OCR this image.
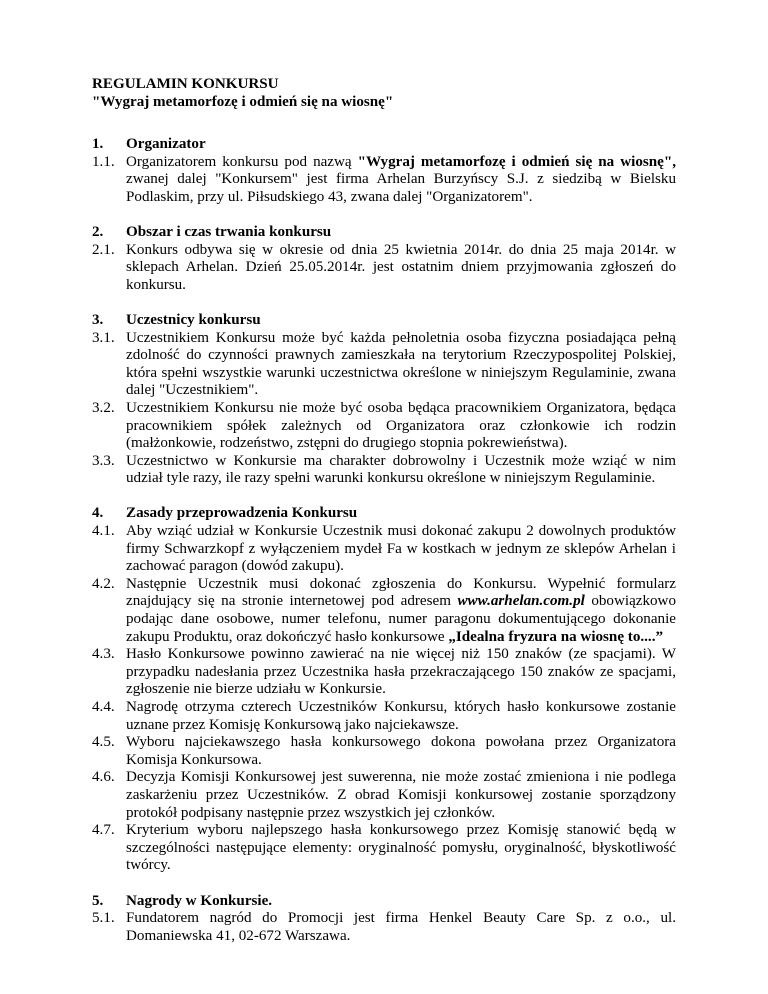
REGULAMIN KONKURSU
"Wygraj metamorfozę i odmień się na wiosnę"
1.	Organizator
1.1. Organizatorem konkursu pod nazwą "Wygraj metamorfozę i odmień się na wiosnę", zwanej dalej "Konkursem" jest firma Arhelan Burzyńscy S.J. z siedzibą w Bielsku Podlaskim, przy ul. Piłsudskiego 43, zwana dalej "Organizatorem".
2.	Obszar i czas trwania konkursu
2.1. Konkurs odbywa się w okresie od dnia 25 kwietnia 2014r. do dnia 25 maja 2014r. w sklepach Arhelan. Dzień 25.05.2014r. jest ostatnim dniem przyjmowania zgłoszeń do konkursu.
3.	Uczestnicy konkursu
3.1. Uczestnikiem Konkursu może być każda pełnoletnia osoba fizyczna posiadająca pełną zdolność do czynności prawnych zamieszkała na terytorium Rzeczypospolitej Polskiej, która spełni wszystkie warunki uczestnictwa określone w niniejszym Regulaminie, zwana dalej "Uczestnikiem".
3.2. Uczestnikiem Konkursu nie może być osoba będąca pracownikiem Organizatora, będąca pracownikiem spółek zależnych od Organizatora oraz członkowie ich rodzin (małżonkowie, rodzeństwo, zstępni do drugiego stopnia pokrewieństwa).
3.3. Uczestnictwo w Konkursie ma charakter dobrowolny i Uczestnik może wziąć w nim udział tyle razy, ile razy spełni warunki konkursu określone w niniejszym Regulaminie.
4.	Zasady przeprowadzenia Konkursu
4.1. Aby wziąć udział w Konkursie Uczestnik musi dokonać zakupu 2 dowolnych produktów firmy Schwarzkopf z wyłączeniem mydeł Fa w kostkach w jednym ze sklepów Arhelan i zachować paragon (dowód zakupu).
4.2. Następnie Uczestnik musi dokonać zgłoszenia do Konkursu. Wypełnić formularz znajdujący się na stronie internetowej pod adresem www.arhelan.com.pl obowiązkowo podając dane osobowe, numer telefonu, numer paragonu dokumentującego dokonanie zakupu Produktu, oraz dokończyć hasło konkursowe „Idealna fryzura na wiosnę to....”
4.3. Hasło Konkursowe powinno zawierać na nie więcej niż 150 znaków (ze spacjami). W przypadku nadesłania przez Uczestnika hasła przekraczającego 150 znaków ze spacjami, zgłoszenie nie bierze udziału w Konkursie.
4.4. Nagrodę otrzyma czterech Uczestników Konkursu, których hasło konkursowe zostanie uznane przez Komisję Konkursową jako najciekawsze.
4.5. Wyboru najciekawszego hasła konkursowego dokona powołana przez Organizatora Komisja Konkursowa.
4.6. Decyzja Komisji Konkursowej jest suwerenna, nie może zostać zmieniona i nie podlega zaskarżeniu przez Uczestników. Z obrad Komisji konkursowej zostanie sporządzony protokół podpisany następnie przez wszystkich jej członków.
4.7. Kryterium wyboru najlepszego hasła konkursowego przez Komisję stanowić będą w szczególności następujące elementy: oryginalność pomysłu, oryginalność, błyskotliwość twórcy.
5.	Nagrody w Konkursie.
5.1. Fundatorem nagród do Promocji jest firma Henkel Beauty Care Sp. z o.o., ul. Domaniewska 41, 02-672 Warszawa.
